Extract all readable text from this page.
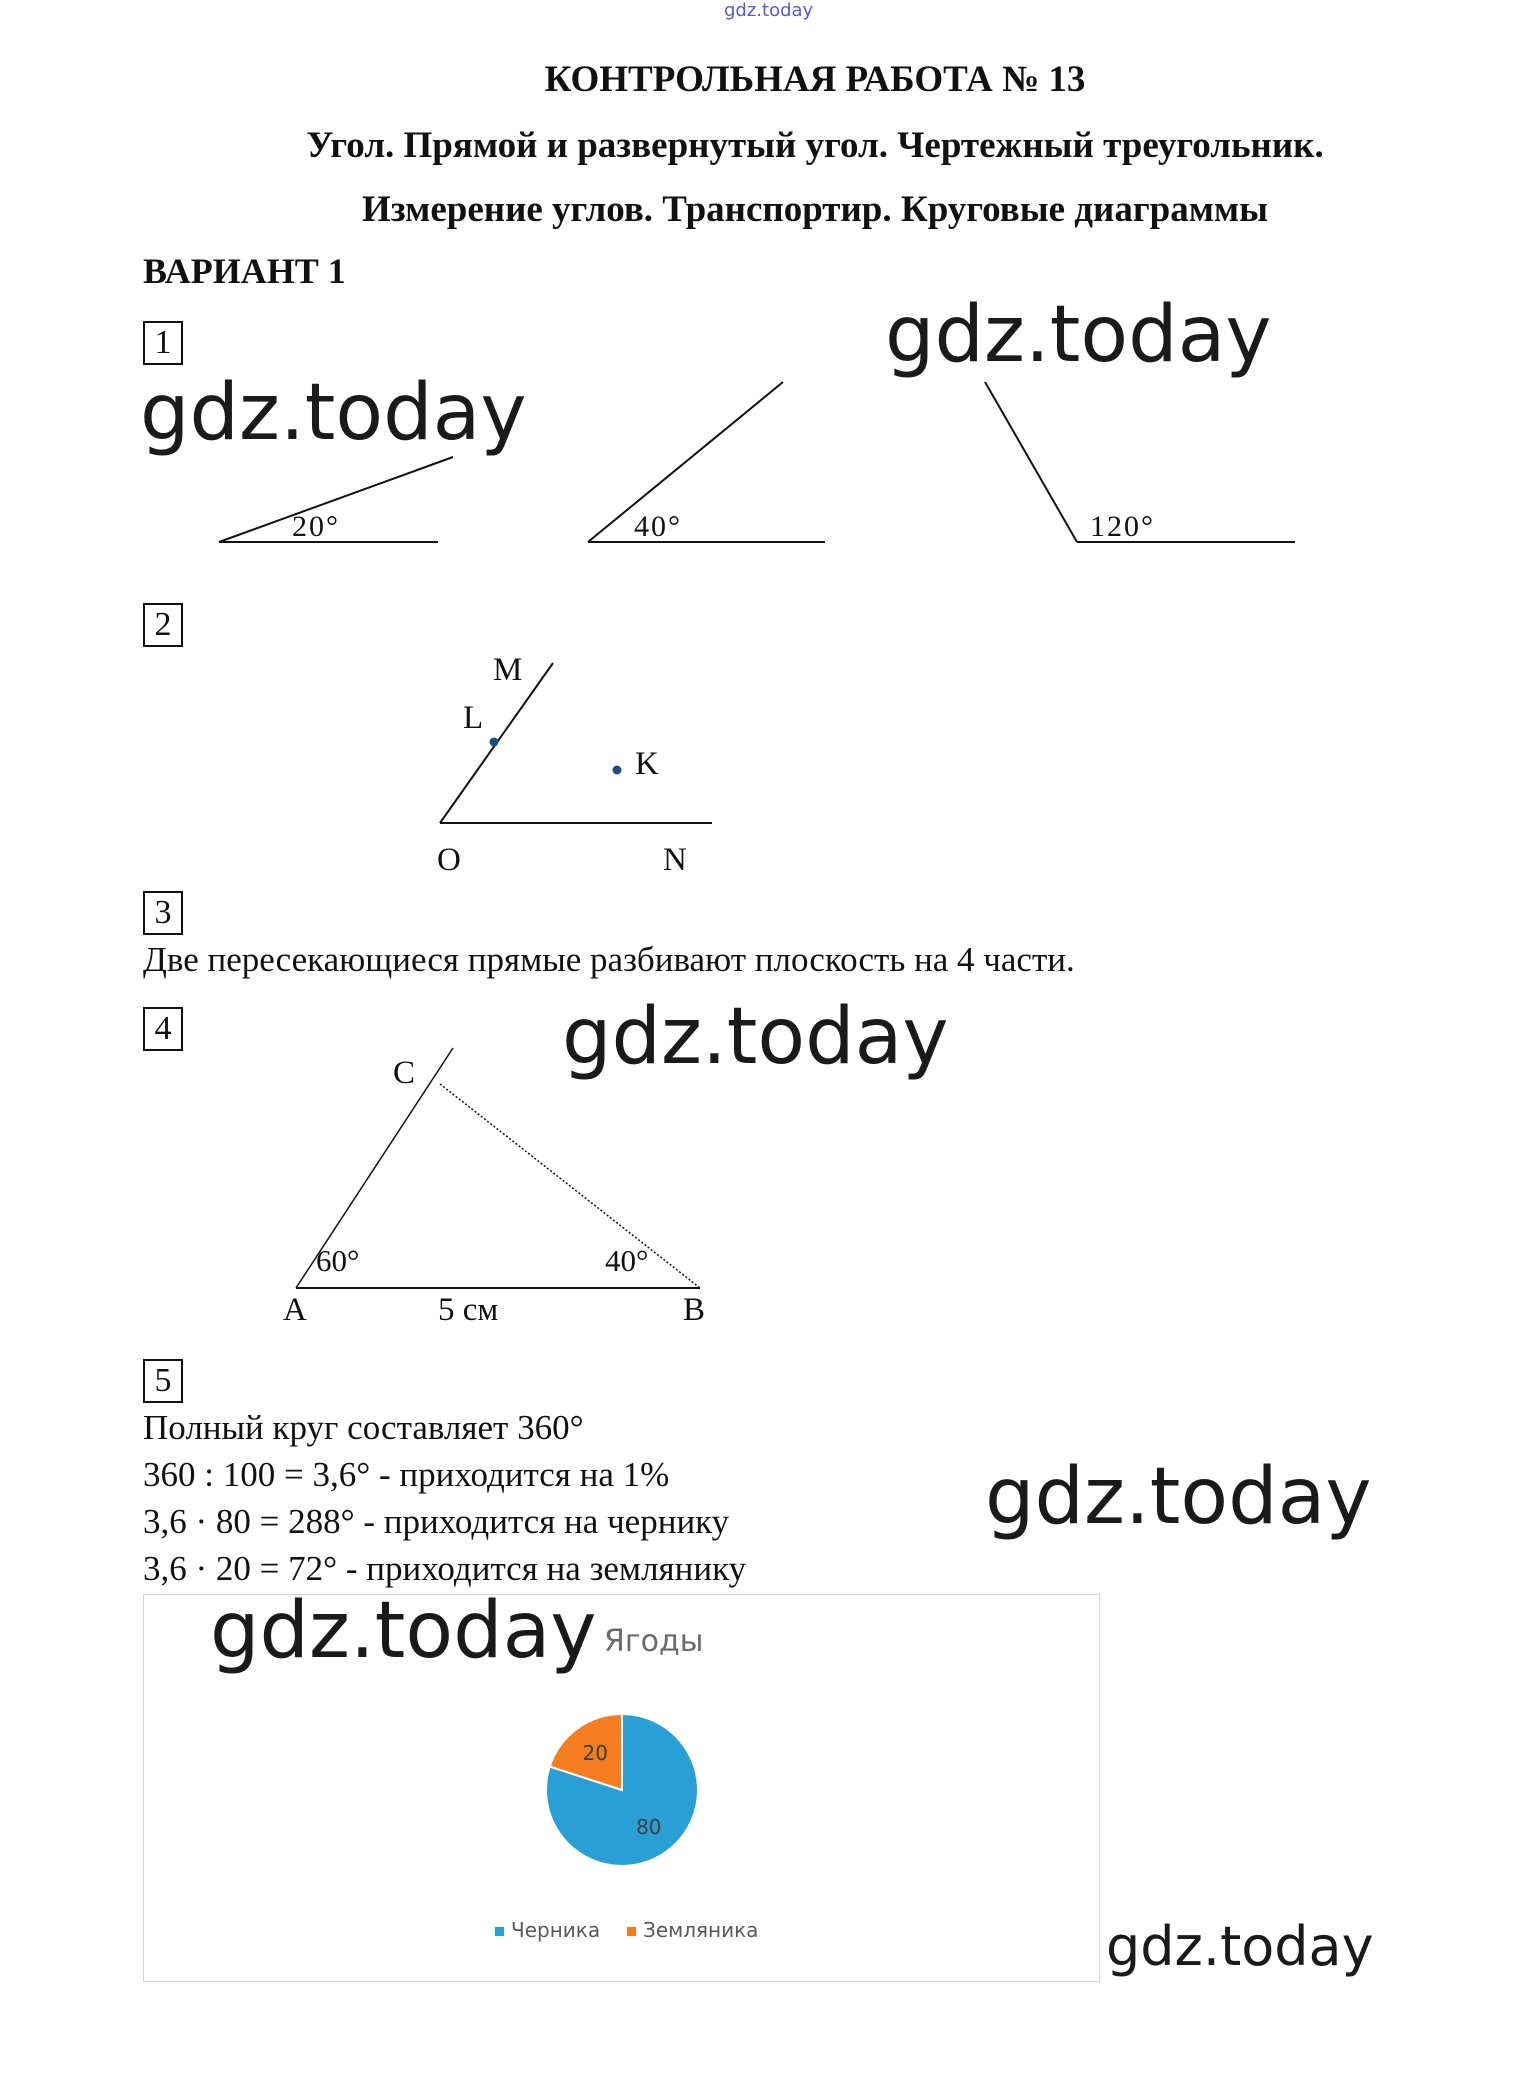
gdz.today
gdz.today
gdz.today
gdz.today
gdz.today
gdz.today
gdz.today
КОНТРОЛЬНАЯ РАБОТА № 13
Угол. Прямой и развернутый угол. Чертежный треугольник.
Измерение углов. Транспортир. Круговые диаграммы
ВАРИАНТ 1
1
20°	40°	120°
2
M
L
K
O	N
3
Две пересекающиеся прямые разбивают плоскость на 4 части.
4
C
60°	40°
A	5 см	B
5
Полный круг составляет 360°
360 : 100 = 3,6° - приходится на 1%
3,6 · 80 = 288° - приходится на чернику
3,6 · 20 = 72° - приходится на землянику
Ягоды
80
20
Черника Земляника
